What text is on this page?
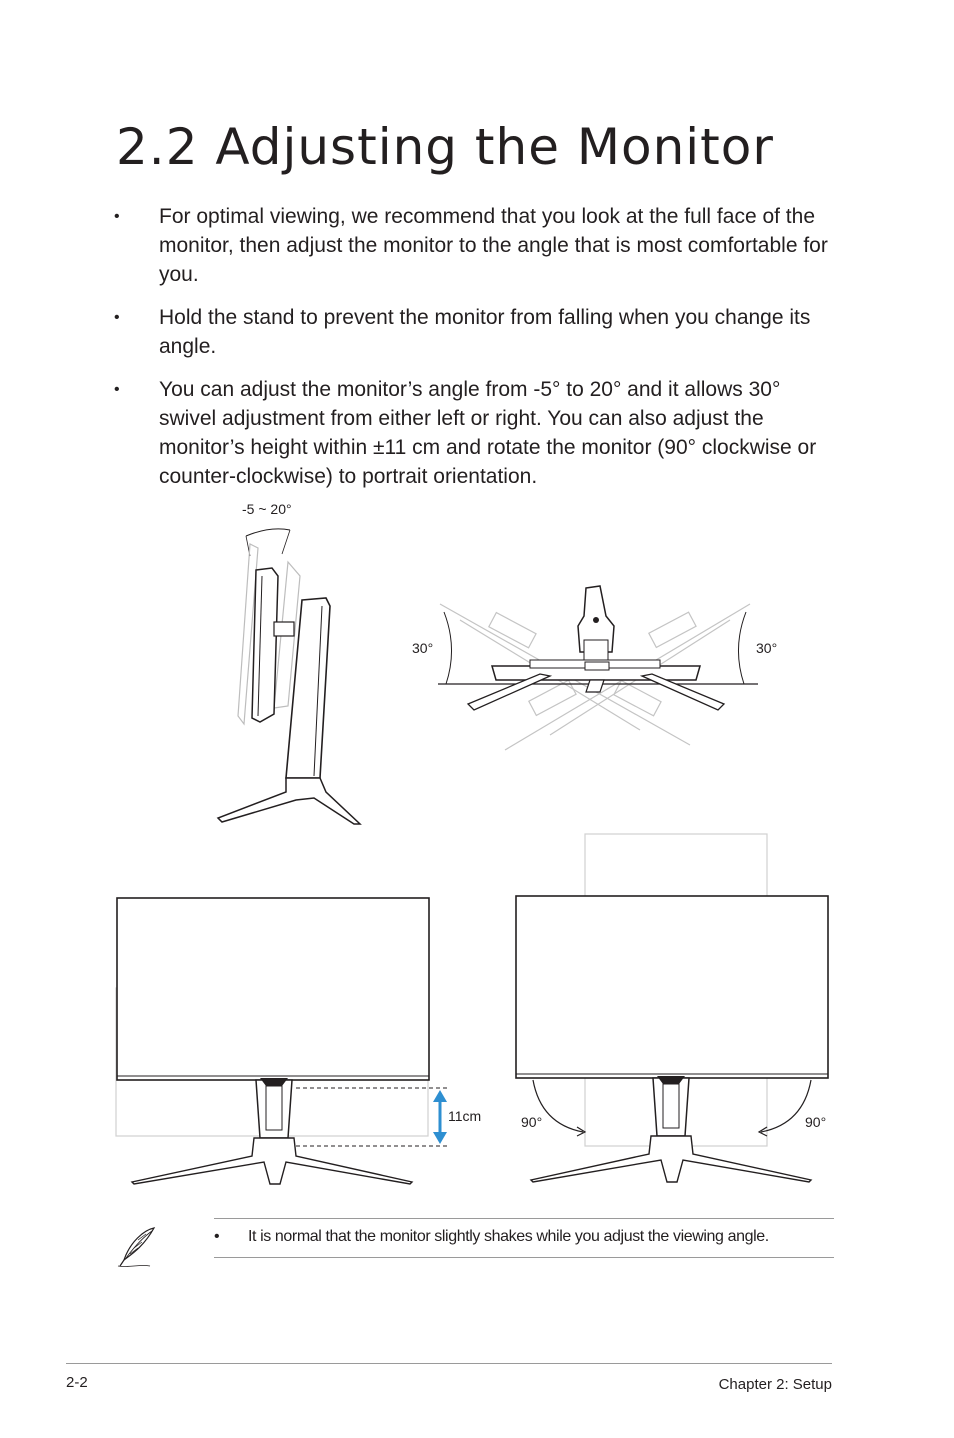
2.2 Adjusting the Monitor
• For optimal viewing, we recommend that you look at the full face of the monitor, then adjust the monitor to the angle that is most comfortable for you.
• Hold the stand to prevent the monitor from falling when you change its angle.
• You can adjust the monitor’s angle from -5° to 20° and it allows 30° swivel adjustment from either left or right. You can also adjust the monitor’s height within ±11 cm and rotate the monitor (90° clockwise or counter-clockwise) to portrait orientation.
-5 ~ 20°
30°	30°
11cm	90°	90°
• It is normal that the monitor slightly shakes while you adjust the viewing angle.
2-2	Chapter 2: Setup
